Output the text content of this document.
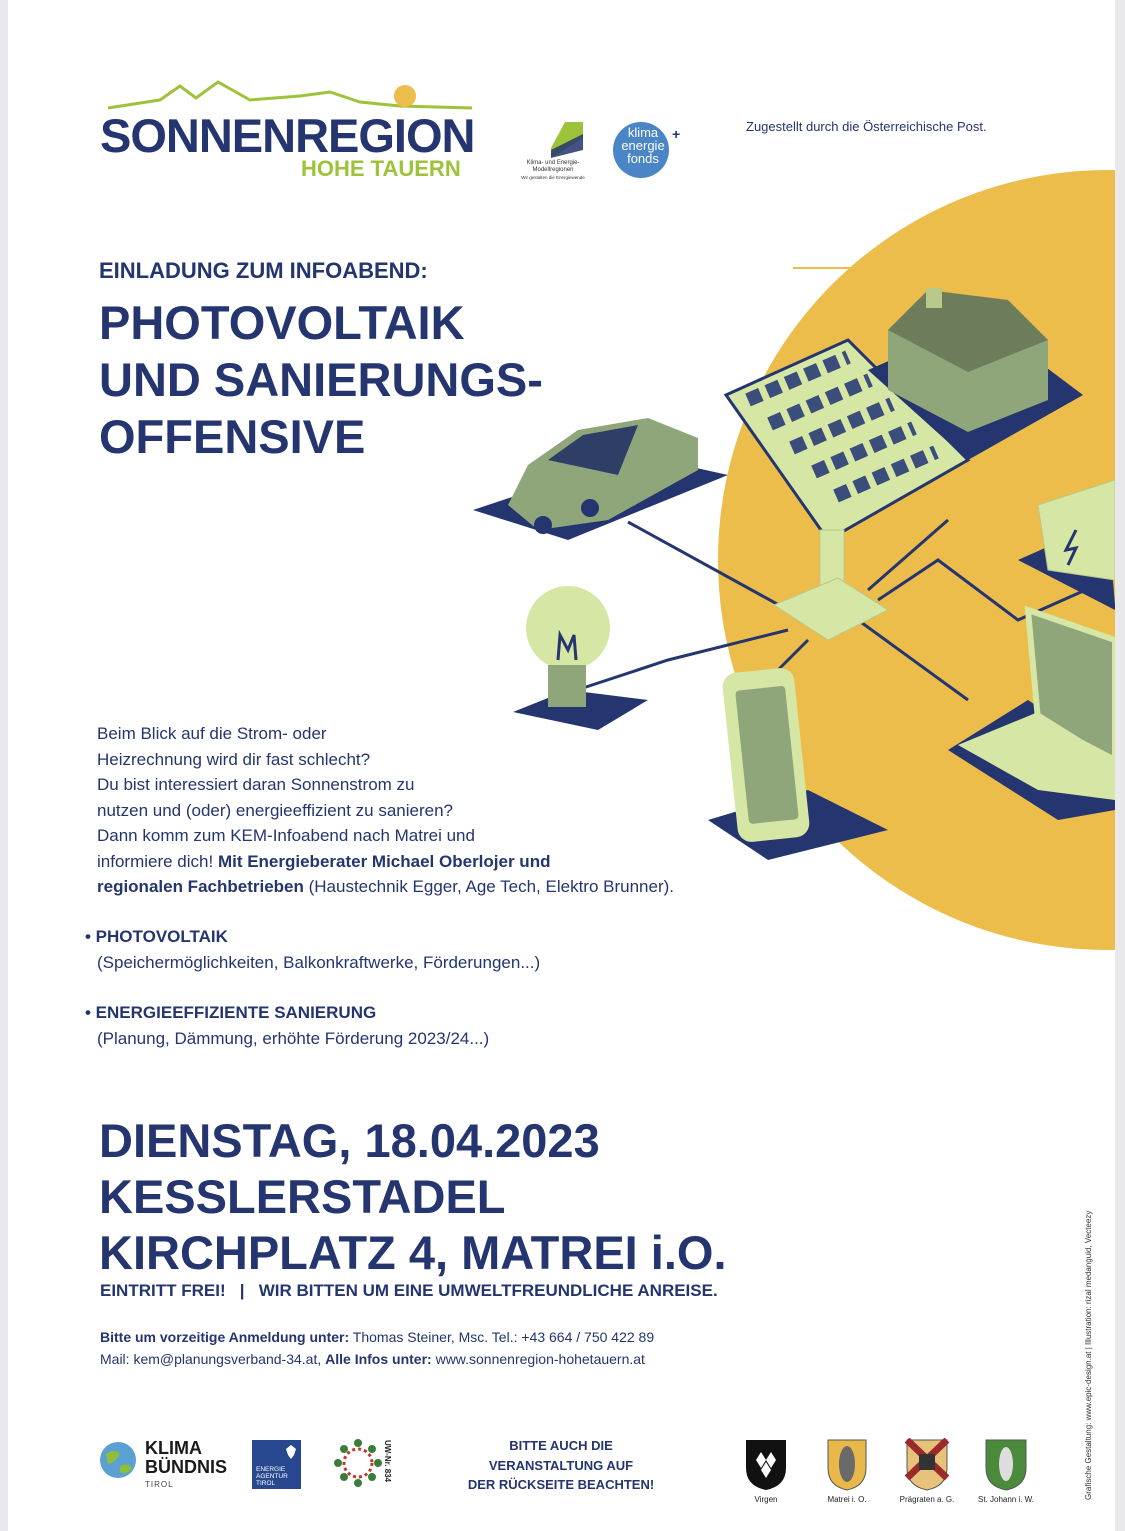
SONNENREGION
HOHE TAUERN	Klima- und Energie-Modellregionen
Wir gestalten die Energiewende
klima
energie
fonds
+	Zugestellt durch die Österreichische Post.
EINLADUNG ZUM INFOABEND:
PHOTOVOLTAIK
UND SANIERUNGS-
OFFENSIVE
Beim Blick auf die Strom- oder
Heizrechnung wird dir fast schlecht?
Du bist interessiert daran Sonnenstrom zu
nutzen und (oder) energieeffizient zu sanieren?
Dann komm zum KEM-Infoabend nach Matrei und
informiere dich! Mit Energieberater Michael Oberlojer und
regionalen Fachbetrieben (Haustechnik Egger, Age Tech, Elektro Brunner).
• PHOTOVOLTAIK
(Speichermöglichkeiten, Balkonkraftwerke, Förderungen...)
• ENERGIEEFFIZIENTE SANIERUNG
(Planung, Dämmung, erhöhte Förderung 2023/24...)
DIENSTAG, 18.04.2023
KESSLERSTADEL
KIRCHPLATZ 4, MATREI i.O.
EINTRITT FREI!   |   WIR BITTEN UM EINE UMWELTFREUNDLICHE ANREISE.
Bitte um vorzeitige Anmeldung unter: Thomas Steiner, Msc. Tel.: +43 664 / 750 422 89
Mail: kem@planungsverband-34.at, Alle Infos unter: www.sonnenregion-hohetauern.at
KLIMA
BÜNDNIS
TIROL
ENERGIE
AGENTUR
TIROL
UW-Nr. 834	BITTE AUCH DIE
VERANSTALTUNG AUF
DER RÜCKSEITE BEACHTEN!
Virgen	Matrei i. O.	Prägraten a. G.	St. Johann i. W.	Grafische Gestaltung: www.epic-design.at | Illustration: rizal medanguid, Vecteezy
